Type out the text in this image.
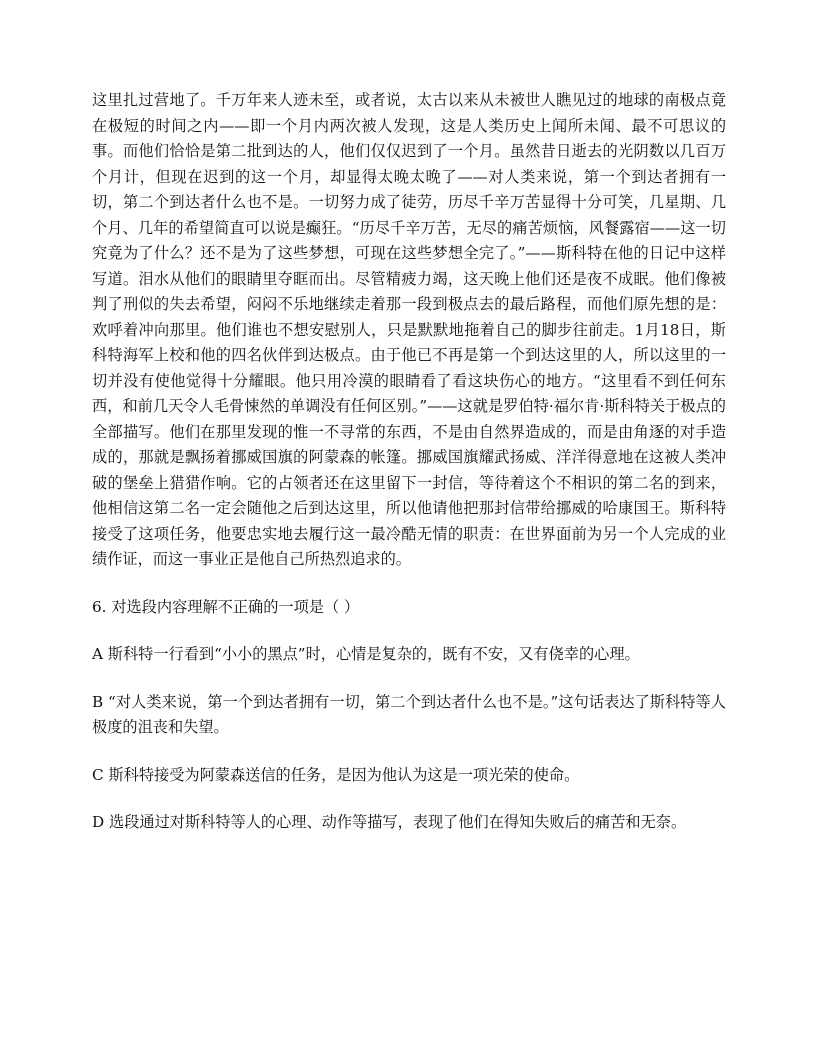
这里扎过营地了。千万年来人迹未至，或者说，太古以来从未被世人瞧见过的地球的南极点竟在极短的时间之内——即一个月内两次被人发现，这是人类历史上闻所未闻、最不可思议的事。而他们恰恰是第二批到达的人，他们仅仅迟到了一个月。虽然昔日逝去的光阴数以几百万个月计，但现在迟到的这一个月，却显得太晚太晚了——对人类来说，第一个到达者拥有一切，第二个到达者什么也不是。一切努力成了徒劳，历尽千辛万苦显得十分可笑，几星期、几个月、几年的希望简直可以说是癫狂。“历尽千辛万苦，无尽的痛苦烦恼，风餐露宿——这一切究竟为了什么？还不是为了这些梦想，可现在这些梦想全完了。”——斯科特在他的日记中这样写道。泪水从他们的眼睛里夺眶而出。尽管精疲力竭，这天晚上他们还是夜不成眠。他们像被判了刑似的失去希望，闷闷不乐地继续走着那一段到极点去的最后路程，而他们原先想的是：欢呼着冲向那里。他们谁也不想安慰别人，只是默默地拖着自己的脚步往前走。1月18日，斯科特海军上校和他的四名伙伴到达极点。由于他已不再是第一个到达这里的人，所以这里的一切并没有使他觉得十分耀眼。他只用冷漠的眼睛看了看这块伤心的地方。“这里看不到任何东西，和前几天令人毛骨悚然的单调没有任何区别。”——这就是罗伯特·福尔肯·斯科特关于极点的全部描写。他们在那里发现的惟一不寻常的东西，不是由自然界造成的，而是由角逐的对手造成的，那就是飘扬着挪威国旗的阿蒙森的帐篷。挪威国旗耀武扬威、洋洋得意地在这被人类冲破的堡垒上猎猎作响。它的占领者还在这里留下一封信，等待着这个不相识的第二名的到来，他相信这第二名一定会随他之后到达这里，所以他请他把那封信带给挪威的哈康国王。斯科特接受了这项任务，他要忠实地去履行这一最冷酷无情的职责：在世界面前为另一个人完成的业绩作证，而这一事业正是他自己所热烈追求的。

6. 对选段内容理解不正确的一项是（ ）

A 斯科特一行看到“小小的黑点”时，心情是复杂的，既有不安，又有侥幸的心理。

B “对人类来说，第一个到达者拥有一切，第二个到达者什么也不是。”这句话表达了斯科特等人极度的沮丧和失望。

C 斯科特接受为阿蒙森送信的任务，是因为他认为这是一项光荣的使命。

D 选段通过对斯科特等人的心理、动作等描写，表现了他们在得知失败后的痛苦和无奈。
